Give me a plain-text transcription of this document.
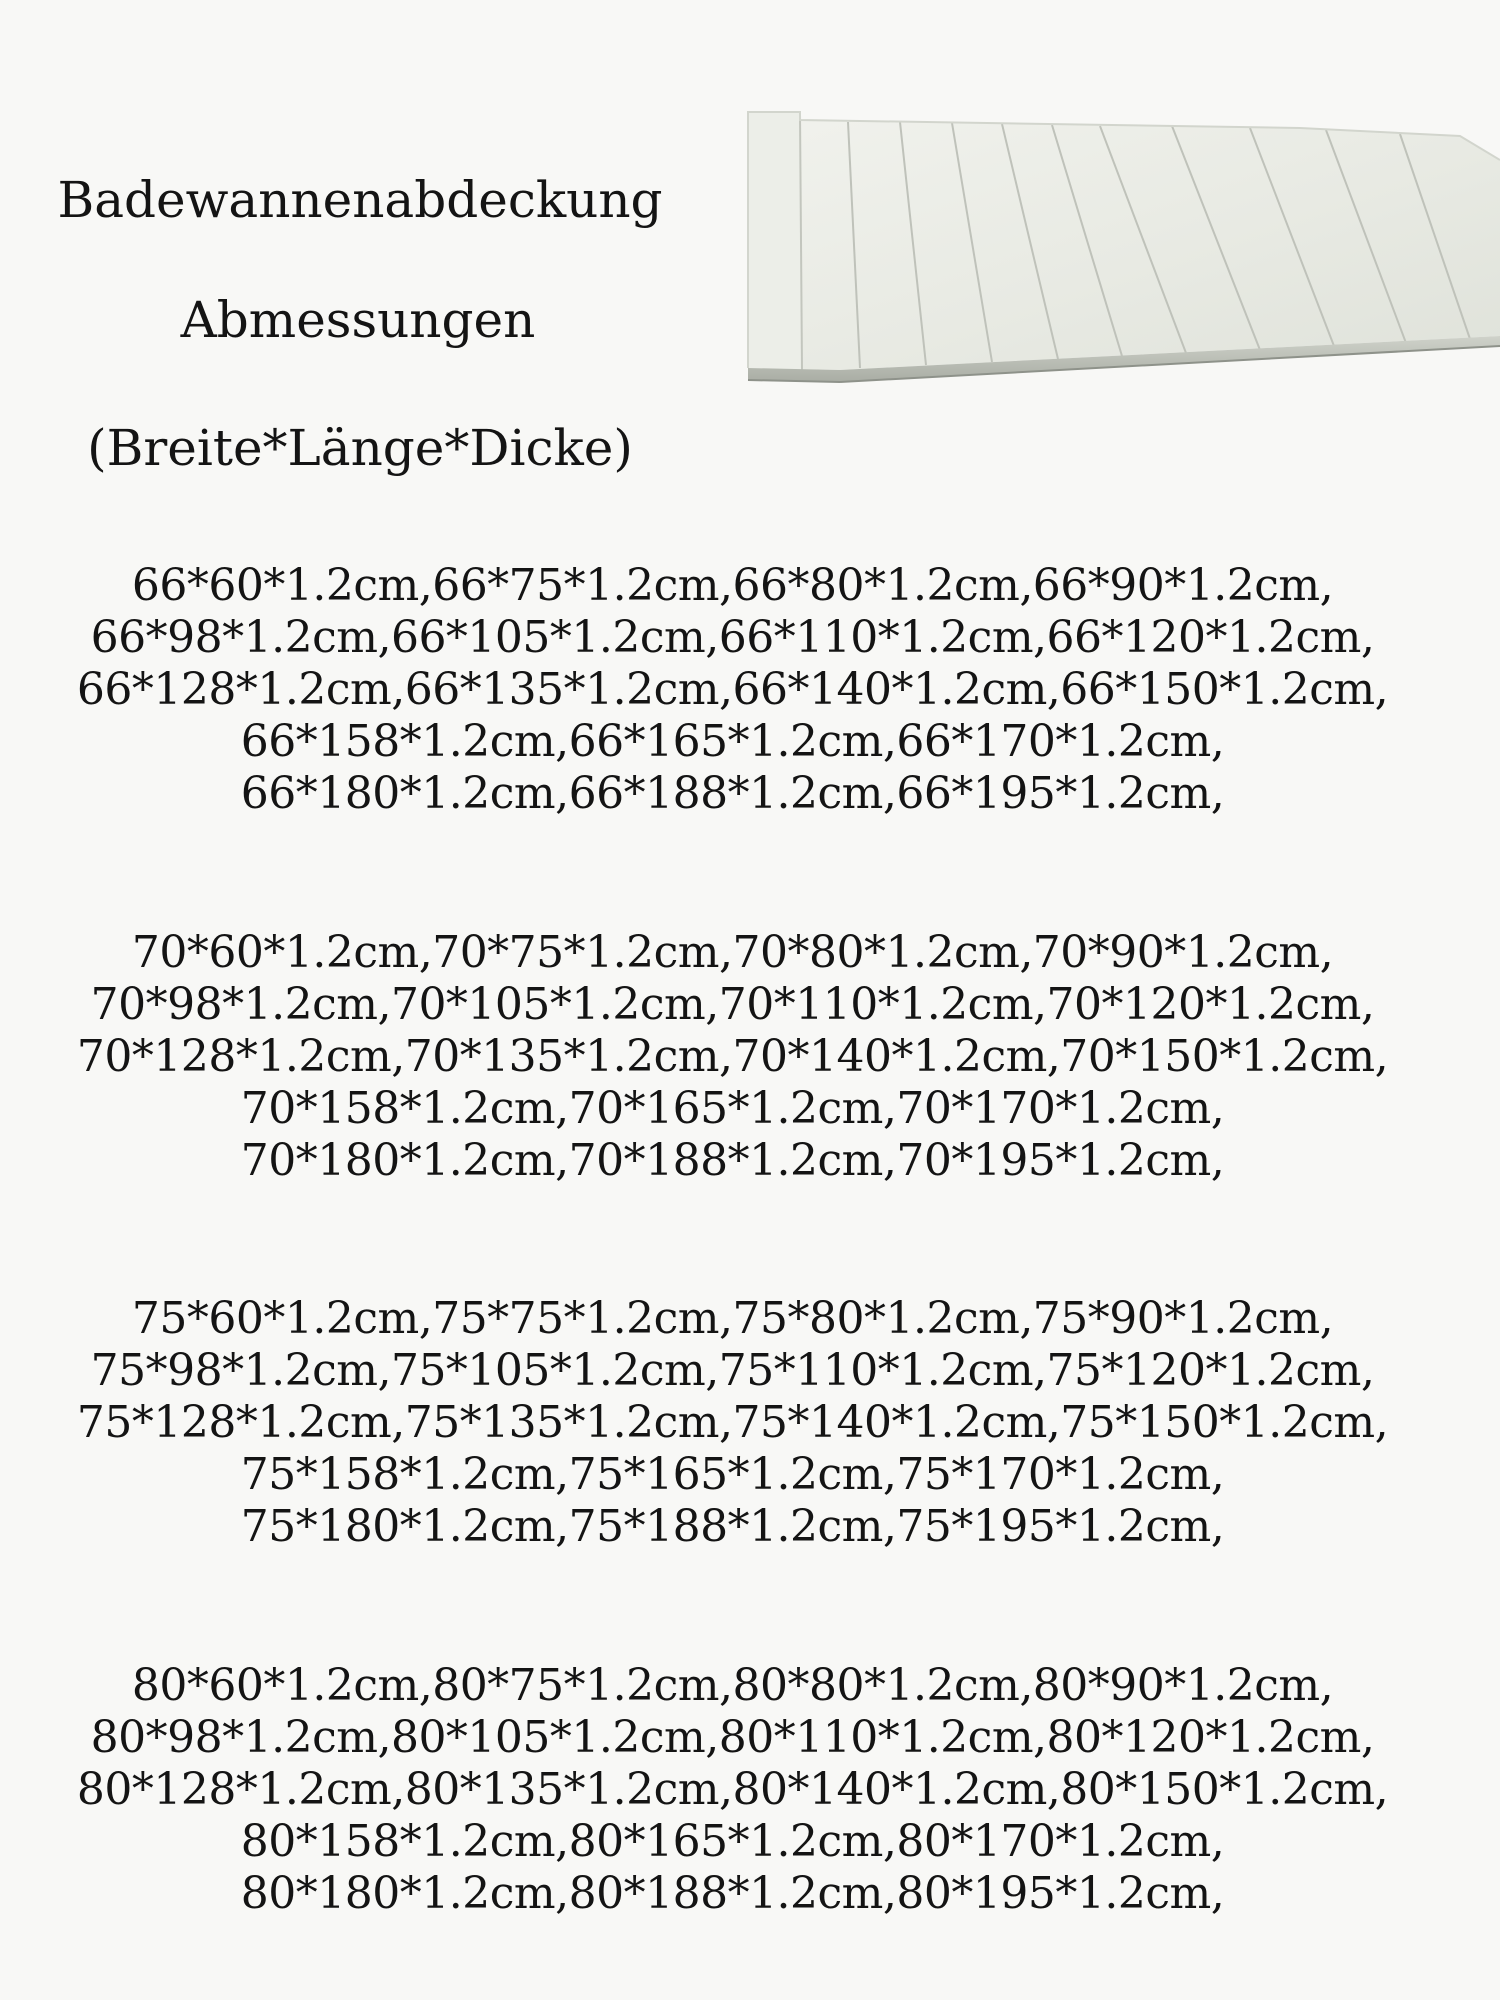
Badewannenabdeckung
Abmessungen
(Breite*Länge*Dicke)
66*60*1.2cm,66*75*1.2cm,66*80*1.2cm,66*90*1.2cm,
66*98*1.2cm,66*105*1.2cm,66*110*1.2cm,66*120*1.2cm,
66*128*1.2cm,66*135*1.2cm,66*140*1.2cm,66*150*1.2cm,
66*158*1.2cm,66*165*1.2cm,66*170*1.2cm,
66*180*1.2cm,66*188*1.2cm,66*195*1.2cm,
70*60*1.2cm,70*75*1.2cm,70*80*1.2cm,70*90*1.2cm,
70*98*1.2cm,70*105*1.2cm,70*110*1.2cm,70*120*1.2cm,
70*128*1.2cm,70*135*1.2cm,70*140*1.2cm,70*150*1.2cm,
70*158*1.2cm,70*165*1.2cm,70*170*1.2cm,
70*180*1.2cm,70*188*1.2cm,70*195*1.2cm,
75*60*1.2cm,75*75*1.2cm,75*80*1.2cm,75*90*1.2cm,
75*98*1.2cm,75*105*1.2cm,75*110*1.2cm,75*120*1.2cm,
75*128*1.2cm,75*135*1.2cm,75*140*1.2cm,75*150*1.2cm,
75*158*1.2cm,75*165*1.2cm,75*170*1.2cm,
75*180*1.2cm,75*188*1.2cm,75*195*1.2cm,
80*60*1.2cm,80*75*1.2cm,80*80*1.2cm,80*90*1.2cm,
80*98*1.2cm,80*105*1.2cm,80*110*1.2cm,80*120*1.2cm,
80*128*1.2cm,80*135*1.2cm,80*140*1.2cm,80*150*1.2cm,
80*158*1.2cm,80*165*1.2cm,80*170*1.2cm,
80*180*1.2cm,80*188*1.2cm,80*195*1.2cm,
